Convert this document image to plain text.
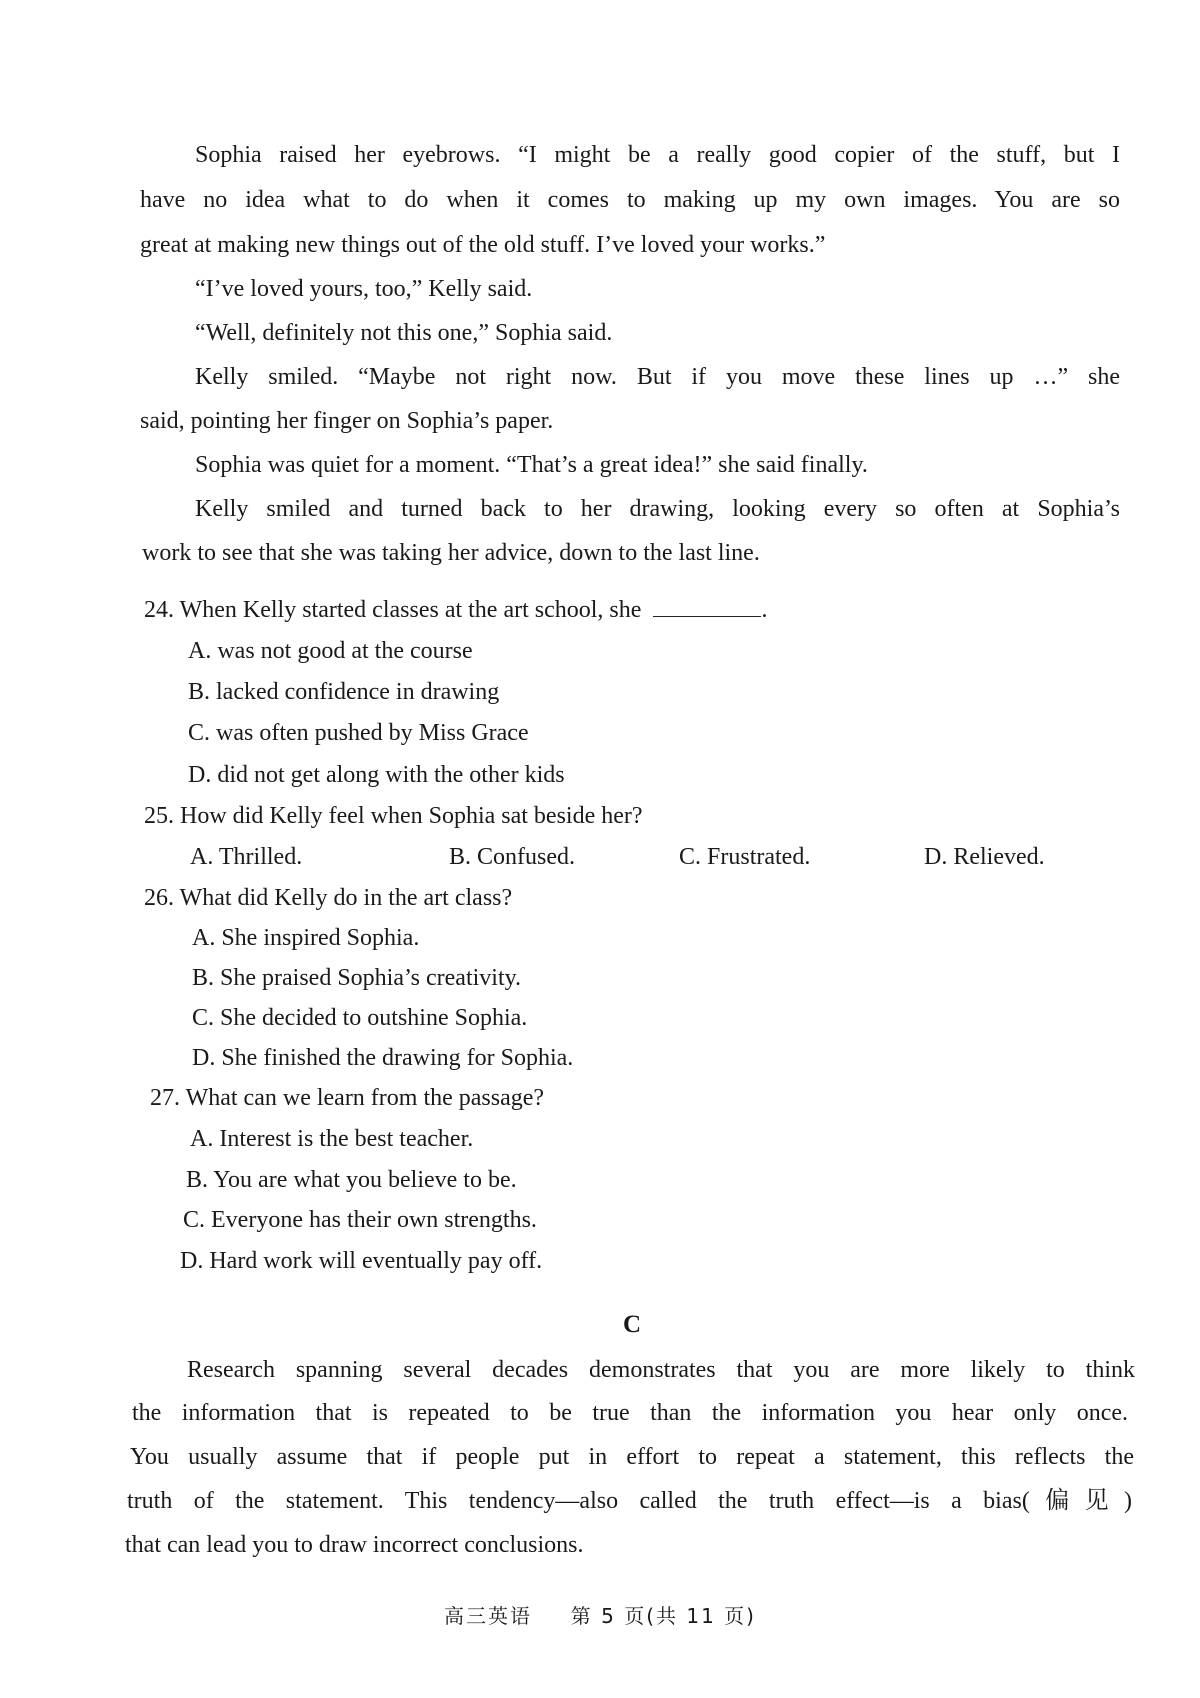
Sophia raised her eyebrows. “I might be a really good copier of the stuff, but I
have no idea what to do when it comes to making up my own images. You are so
great at making new things out of the old stuff. I’ve loved your works.”
“I’ve loved yours, too,” Kelly said.
“Well, definitely not this one,” Sophia said.
Kelly smiled. “Maybe not right now. But if you move these lines up …” she
said, pointing her finger on Sophia’s paper.
Sophia was quiet for a moment. “That’s a great idea!” she said finally.
Kelly smiled and turned back to her drawing, looking every so often at Sophia’s
work to see that she was taking her advice, down to the last line.
24. When Kelly started classes at the art school, she	.
A. was not good at the course
B. lacked confidence in drawing
C. was often pushed by Miss Grace
D. did not get along with the other kids
25. How did Kelly feel when Sophia sat beside her?
A. Thrilled.	B. Confused.	C. Frustrated.	D. Relieved.
26. What did Kelly do in the art class?
A. She inspired Sophia.
B. She praised Sophia’s creativity.
C. She decided to outshine Sophia.
D. She finished the drawing for Sophia.
27. What can we learn from the passage?
A. Interest is the best teacher.
B. You are what you believe to be.
C. Everyone has their own strengths.
D. Hard work will eventually pay off.
C
Research spanning several decades demonstrates that you are more likely to think
the information that is repeated to be true than the information you hear only once.
You usually assume that if people put in effort to repeat a statement, this reflects the
truth of the statement. This tendency—also called the truth effect—is a bias(偏见)
that can lead you to draw incorrect conclusions.
高三英语 第 5 页(共 11 页)
